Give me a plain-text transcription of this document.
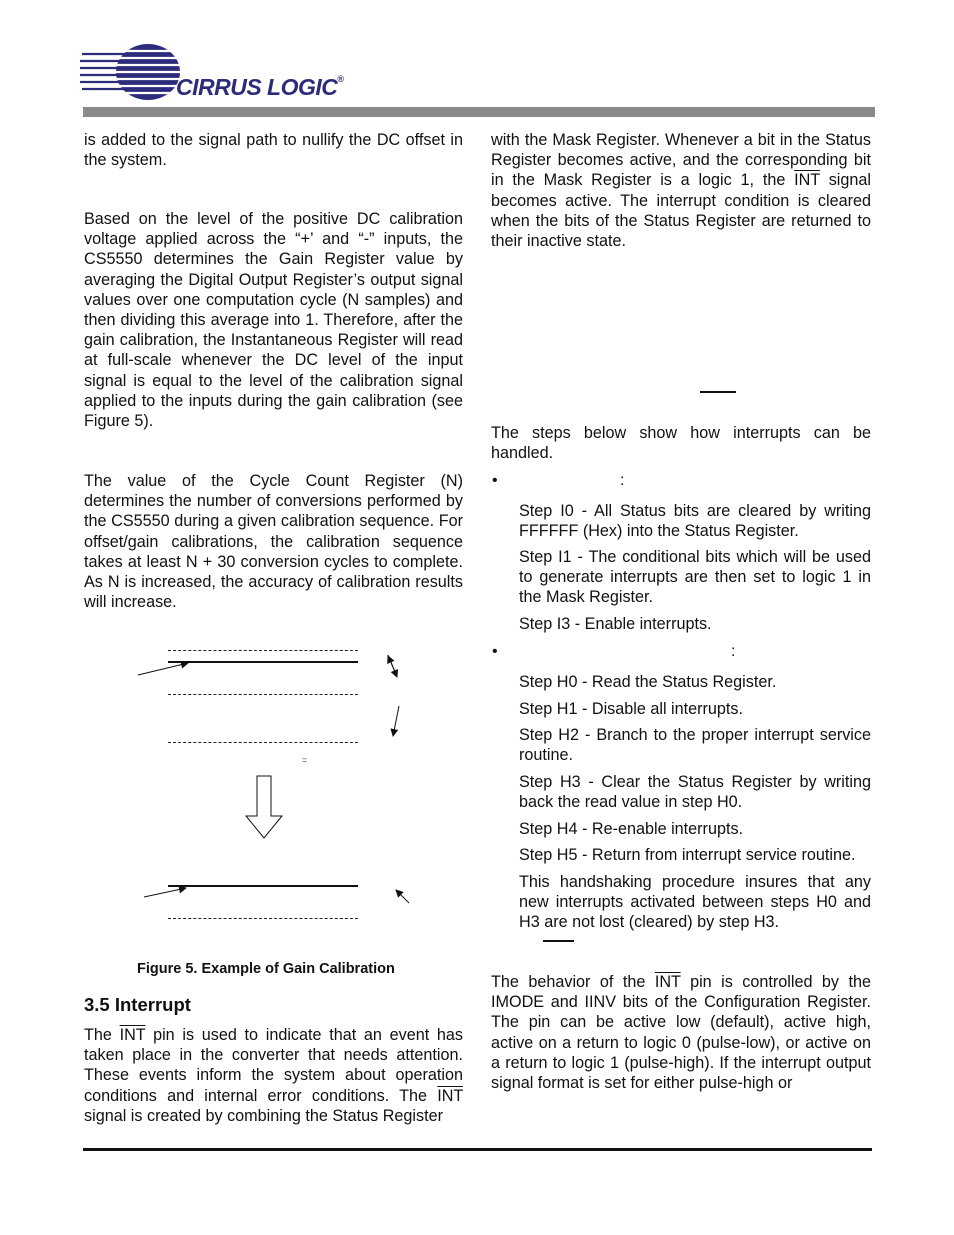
CIRRUS LOGIC®

is added to the signal path to nullify the DC offset in the system.

Based on the level of the positive DC calibration voltage applied across the “+’ and “-” inputs, the CS5550 determines the Gain Register value by averaging the Digital Output Register’s output signal values over one computation cycle (N samples) and then dividing this average into 1. Therefore, after the gain calibration, the Instantaneous Register will read at full-scale whenever the DC level of the input signal is equal to the level of the calibration signal applied to the inputs during the gain calibration (see Figure 5).

The value of the Cycle Count Register (N) determines the number of conversions performed by the CS5550 during a given calibration sequence. For offset/gain calibrations, the calibration sequence takes at least N + 30 conversion cycles to complete. As N is increased, the accuracy of calibration results will increase.

=
Figure 5. Example of Gain Calibration
3.5 Interrupt

The $\overline{INT}$ pin is used to indicate that an event has taken place in the converter that needs attention. These events inform the system about operation conditions and internal error conditions. The $\overline{INT}$ signal is created by combining the Status Register

with the Mask Register. Whenever a bit in the Status Register becomes active, and the corresponding bit in the Mask Register is a logic 1, the $\overline{INT}$ signal becomes active. The interrupt condition is cleared when the bits of the Status Register are returned to their inactive state.

The steps below show how interrupts can be handled.

•	:

Step I0 - All Status bits are cleared by writing FFFFFF (Hex) into the Status Register.

Step I1 - The conditional bits which will be used to generate interrupts are then set to logic 1 in the Mask Register.

Step I3 - Enable interrupts.

•	:

Step H0 - Read the Status Register.

Step H1 - Disable all interrupts.

Step H2 - Branch to the proper interrupt service routine.

Step H3 - Clear the Status Register by writing back the read value in step H0.

Step H4 - Re-enable interrupts.

Step H5 - Return from interrupt service routine.

This handshaking procedure insures that any new interrupts activated between steps H0 and H3 are not lost (cleared) by step H3.

The behavior of the $\overline{INT}$ pin is controlled by the IMODE and IINV bits of the Configuration Register. The pin can be active low (default), active high, active on a return to logic 0 (pulse-low), or active on a return to logic 1 (pulse-high). If the interrupt output signal format is set for either pulse-high or
